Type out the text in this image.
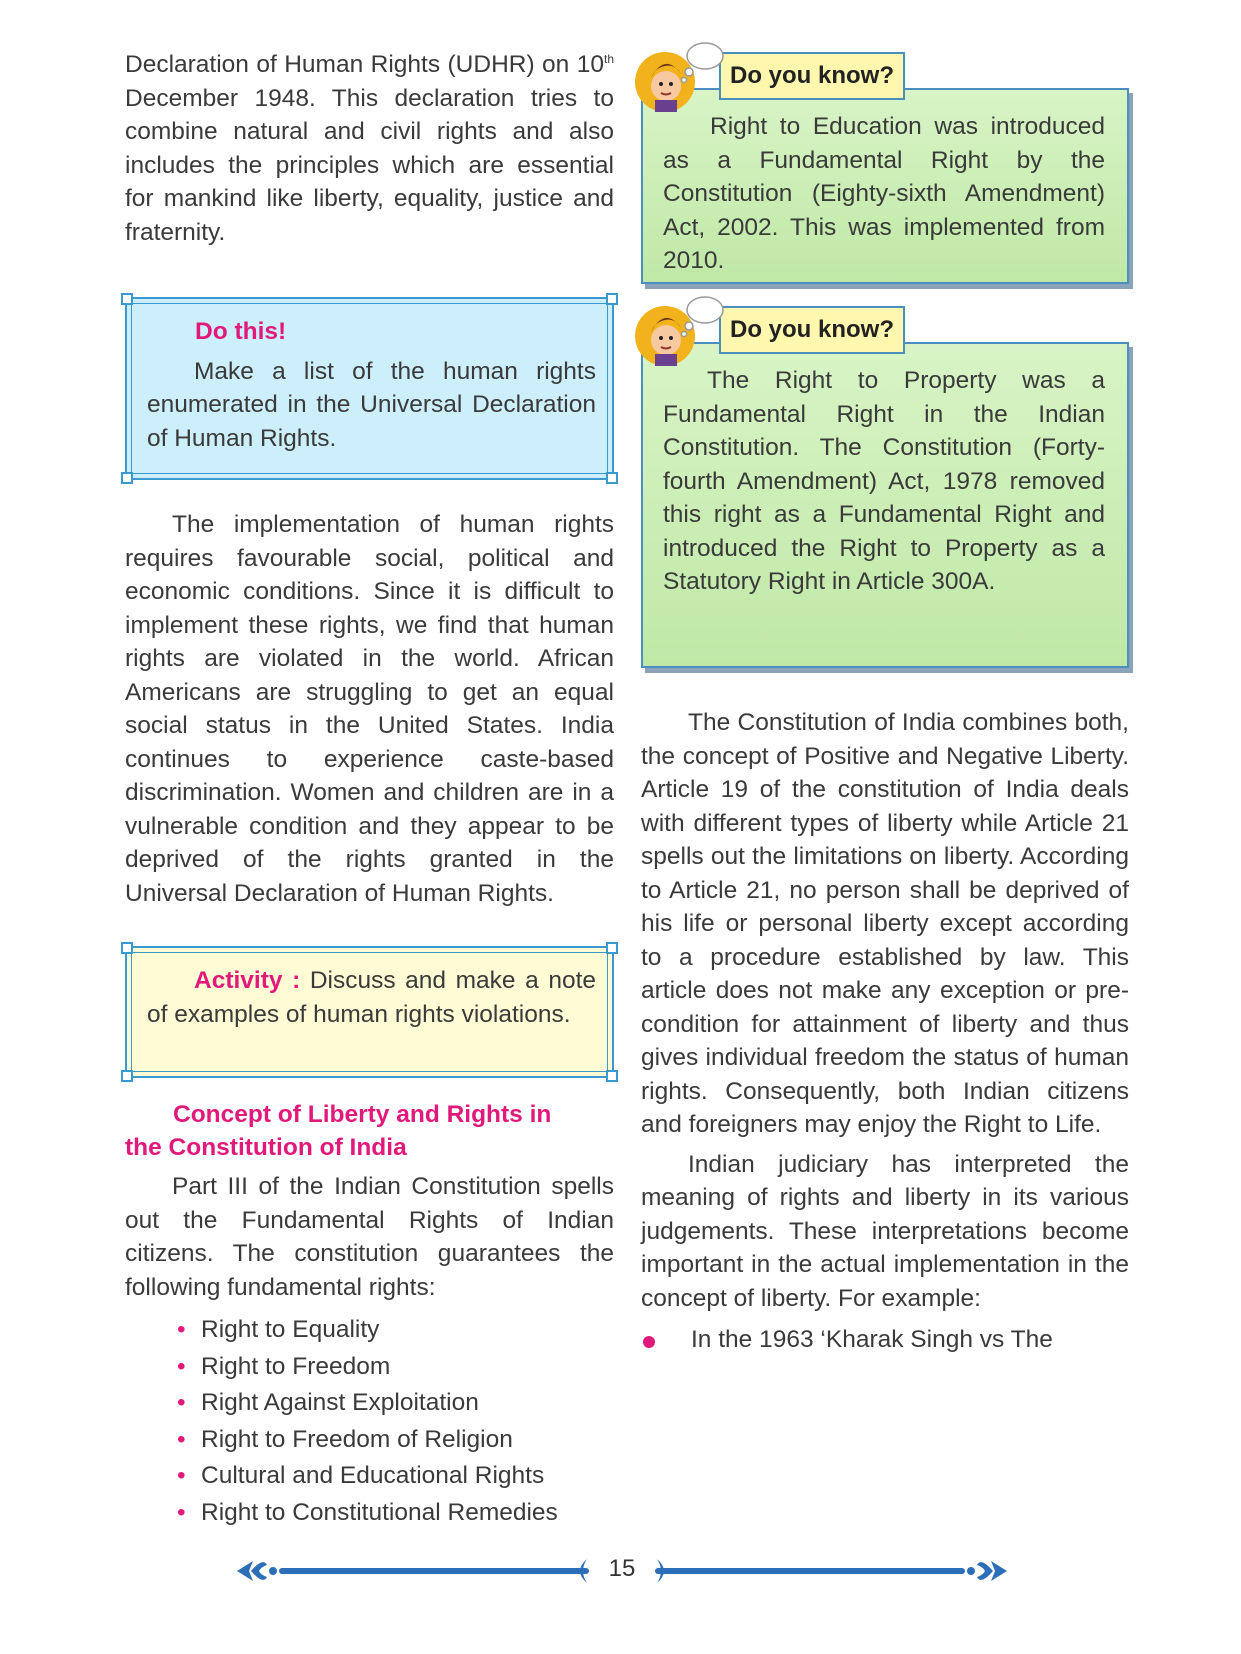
Declaration of Human Rights (UDHR) on 10th December 1948. This declaration tries to combine natural and civil rights and also includes the principles which are essential for mankind like liberty, equality, justice and fraternity.

Do this!

Make a list of the human rights enumerated in the Universal Declaration of Human Rights.

The implementation of human rights requires favourable social, political and economic conditions. Since it is difficult to implement these rights, we find that human rights are violated in the world. African Americans are struggling to get an equal social status in the United States. India continues to experience caste-based discrimination. Women and children are in a vulnerable condition and they appear to be deprived of the rights granted in the Universal Declaration of Human Rights.

Activity : Discuss and make a note of examples of human rights violations.

Concept of Liberty and Rights in
the Constitution of India

Part III of the Indian Constitution spells out the Fundamental Rights of Indian citizens. The constitution guarantees the following fundamental rights:

• Right to Equality
• Right to Freedom
• Right Against Exploitation
• Right to Freedom of Religion
• Cultural and Educational Rights
• Right to Constitutional Remedies
Do you know?

Right to Education was introduced as a Fundamental Right by the Constitution (Eighty-sixth Amendment) Act, 2002. This was implemented from 2010.

Do you know?

The Right to Property was a Fundamental Right in the Indian Constitution. The Constitution (Forty-fourth Amendment) Act, 1978 removed this right as a Fundamental Right and introduced the Right to Property as a Statutory Right in Article 300A.

The Constitution of India combines both, the concept of Positive and Negative Liberty. Article 19 of the constitution of India deals with different types of liberty while Article 21 spells out the limitations on liberty. According to Article 21, no person shall be deprived of his life or personal liberty except according to a procedure established by law. This article does not make any exception or pre-condition for attainment of liberty and thus gives individual freedom the status of human rights. Consequently, both Indian citizens and foreigners may enjoy the Right to Life.

Indian judiciary has interpreted the meaning of rights and liberty in its various judgements. These interpretations become important in the actual implementation in the concept of liberty. For example:

In the 1963 ‘Kharak Singh vs The
15
